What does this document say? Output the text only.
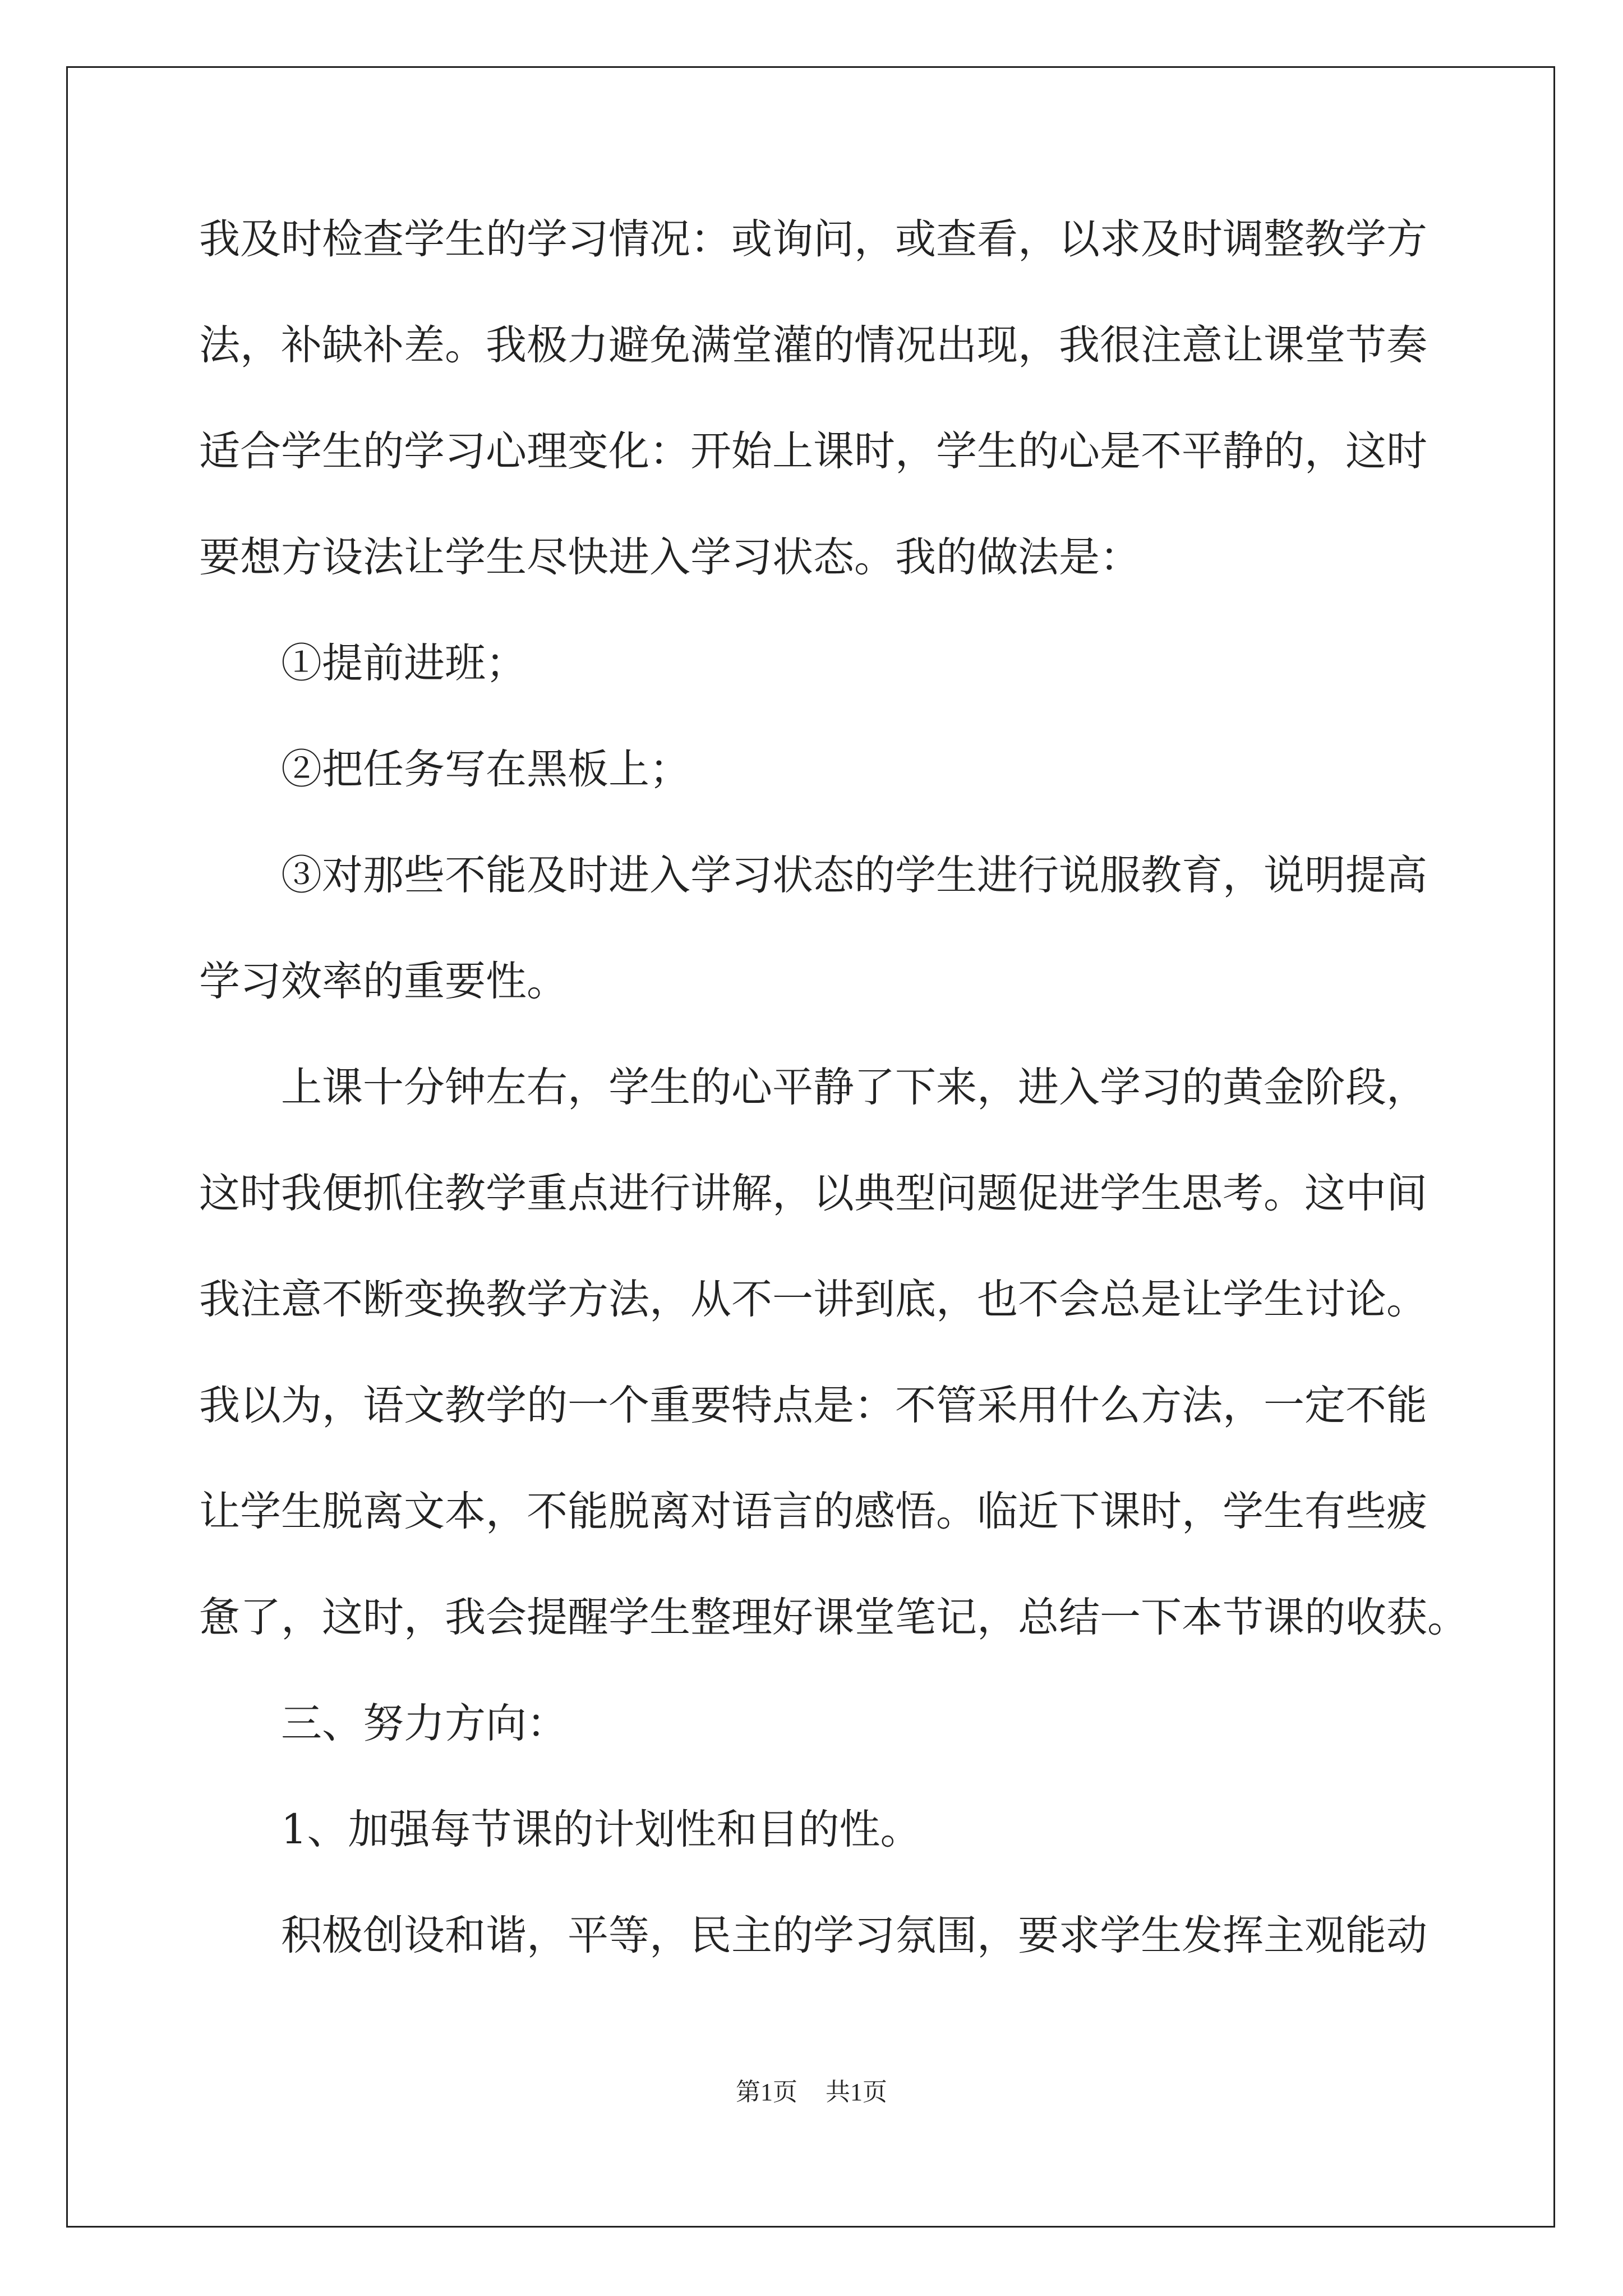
我及时检查学生的学习情况：或询问，或查看，以求及时调整教学方
法，补缺补差。我极力避免满堂灌的情况出现，我很注意让课堂节奏
适合学生的学习心理变化：开始上课时，学生的心是不平静的，这时
要想方设法让学生尽快进入学习状态。我的做法是：
①提前进班；
②把任务写在黑板上；
③对那些不能及时进入学习状态的学生进行说服教育，说明提高
学习效率的重要性。
上课十分钟左右，学生的心平静了下来，进入学习的黄金阶段，
这时我便抓住教学重点进行讲解，以典型问题促进学生思考。这中间
我注意不断变换教学方法，从不一讲到底，也不会总是让学生讨论。
我以为，语文教学的一个重要特点是：不管采用什么方法，一定不能
让学生脱离文本，不能脱离对语言的感悟。临近下课时，学生有些疲
惫了，这时，我会提醒学生整理好课堂笔记，总结一下本节课的收获。
三、努力方向：
1、加强每节课的计划性和目的性。
积极创设和谐，平等，民主的学习氛围，要求学生发挥主观能动
第1页 共1页
